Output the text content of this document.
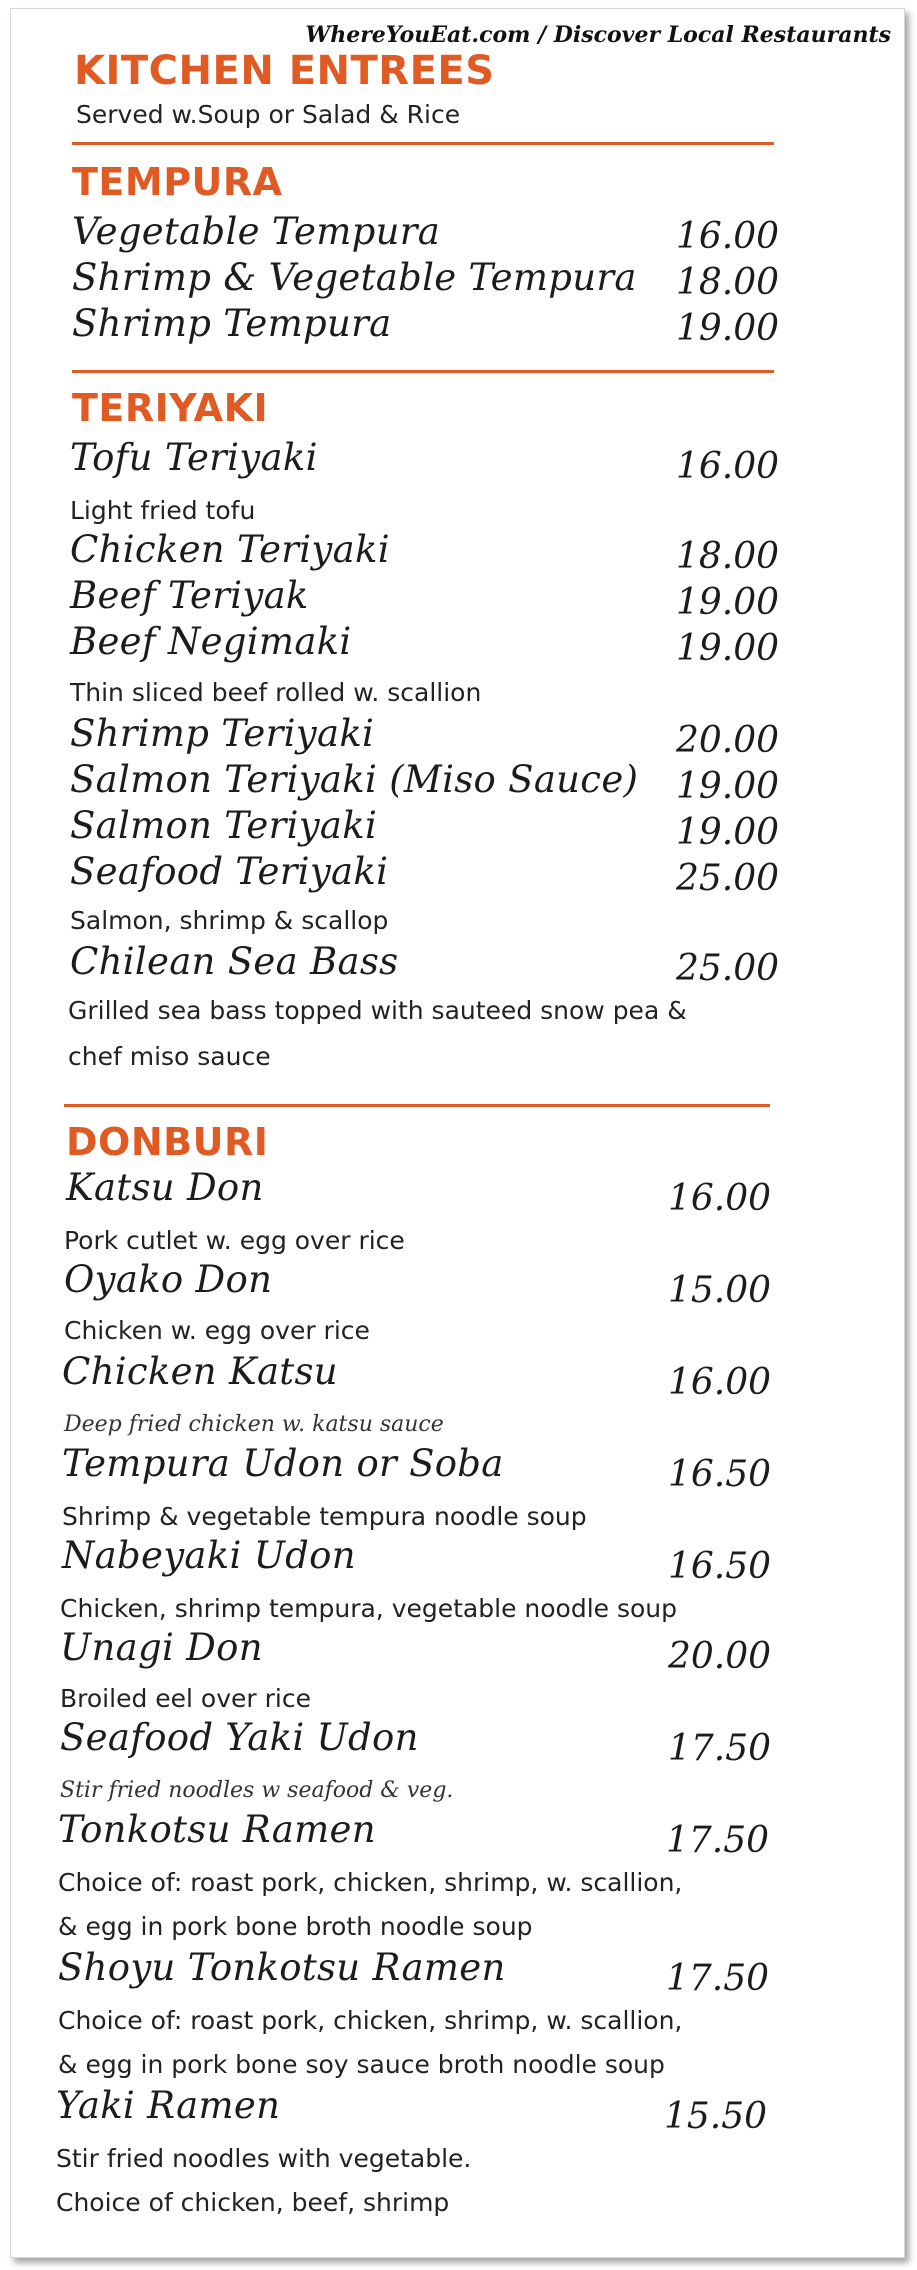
WhereYouEat.com / Discover Local Restaurants
KITCHEN ENTREES
Served w.Soup or Salad & Rice
TEMPURA
Vegetable Tempura	16.00
Shrimp & Vegetable Tempura 18.00
Shrimp Tempura	19.00
TERIYAKI
Tofu Teriyaki	16.00
Light fried tofu
Chicken Teriyaki	18.00
Beef Teriyak	19.00
Beef Negimaki	19.00
Thin sliced beef rolled w. scallion
Shrimp Teriyaki	20.00
Salmon Teriyaki (Miso Sauce) 19.00
Salmon Teriyaki	19.00
Seafood Teriyaki	25.00
Salmon, shrimp & scallop
Chilean Sea Bass	25.00
Grilled sea bass topped with sauteed snow pea &
chef miso sauce
DONBURI
Katsu Don	16.00
Pork cutlet w. egg over rice
Oyako Don	15.00
Chicken w. egg over rice
Chicken Katsu	16.00
Deep fried chicken w. katsu sauce
Tempura Udon or Soba	16.50
Shrimp & vegetable tempura noodle soup
Nabeyaki Udon	16.50
Chicken, shrimp tempura, vegetable noodle soup
Unagi Don	20.00
Broiled eel over rice
Seafood Yaki Udon	17.50
Stir fried noodles w seafood & veg.
Tonkotsu Ramen	17.50
Choice of: roast pork, chicken, shrimp, w. scallion,
& egg in pork bone broth noodle soup
Shoyu Tonkotsu Ramen	17.50
Choice of: roast pork, chicken, shrimp, w. scallion,
& egg in pork bone soy sauce broth noodle soup
Yaki Ramen	15.50
Stir fried noodles with vegetable.
Choice of chicken, beef, shrimp
